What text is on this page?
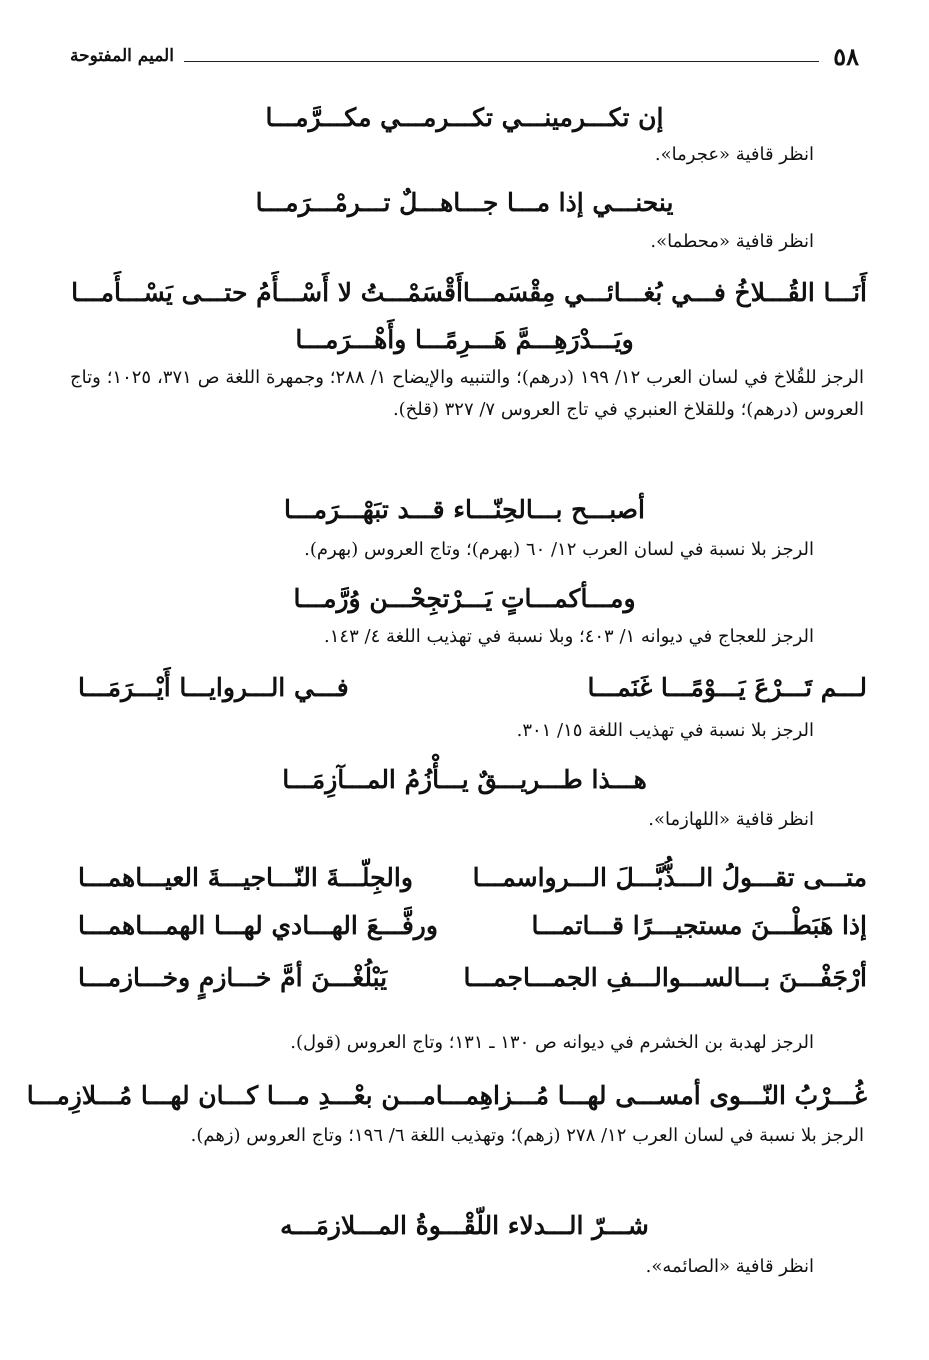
٥٨
الميم المفتوحة
إن تكـــرمينـــي تكـــرمـــي مكـــرَّمـــا
انظر قافية «عجرما».
ينحنـــي إذا مـــا جـــاهـــلٌ تـــرمْـــرَمـــا
انظر قافية «محطما».
أَنَـــا القُـــلاخُ فـــي بُغـــائـــي مِقْسَمـــا
أَقْسَمْـــتُ لا أَسْـــأَمُ حتـــى يَسْـــأَمـــا
ويَـــدْرَهِـــمَّ هَـــرِمًـــا وأَهْـــرَمـــا
الرجز للقُلاخ في لسان العرب ١٢/ ١٩٩ (درهم)؛ والتنبيه والإيضاح ١/ ٢٨٨؛ وجمهرة اللغة ص ٣٧١، ١٠٢٥؛ وتاج العروس (درهم)؛ وللقلاخ العنبري في تاج العروس ٧/ ٣٢٧ (قلخ).
أصبـــح بـــالحِنّـــاء قـــد تبَهْـــرَمـــا
الرجز بلا نسبة في لسان العرب ١٢/ ٦٠ (بهرم)؛ وتاج العروس (بهرم).
ومـــأكمـــاتٍ يَـــرْتجِحْـــن وُرَّمـــا
الرجز للعجاج في ديوانه ١/ ٤٠٣؛ وبلا نسبة في تهذيب اللغة ٤/ ١٤٣.
لـــم تَـــرْعَ يَـــوْمًـــا غَنَمـــا
فـــي الـــروايـــا أَيْـــرَمَـــا
الرجز بلا نسبة في تهذيب اللغة ١٥/ ٣٠١.
هـــذا طـــريـــقٌ يـــأْزُمُ المـــآزِمَـــا
انظر قافية «اللهازما».
متـــى تقـــولُ الـــذُّبَّـــلَ الـــرواسمـــا
والجِلّـــةَ النّـــاجيـــةَ العيـــاهمـــا
إذا هَبَطْـــنَ مستجيـــرًا قـــاتمـــا
ورفَّـــعَ الهـــادي لهـــا الهمـــاهمـــا
أرْجَفْـــنَ بـــالســـوالـــفِ الجمـــاجمـــا
يَبْلُغْـــنَ أمَّ خـــازمٍ وخـــازمـــا
الرجز لهدبة بن الخشرم في ديوانه ص ١٣٠ ـ ١٣١؛ وتاج العروس (قول).
غُـــرْبُ النّـــوى أمســـى لهـــا مُـــزاهِمـــا
مـــن بعْـــدِ مـــا كـــان لهـــا مُـــلازِمـــا
الرجز بلا نسبة في لسان العرب ١٢/ ٢٧٨ (زهم)؛ وتهذيب اللغة ٦/ ١٩٦؛ وتاج العروس (زهم).
شـــرّ الـــدلاء اللّقْـــوةُ المـــلازمَـــه
انظر قافية «الصائمه».
